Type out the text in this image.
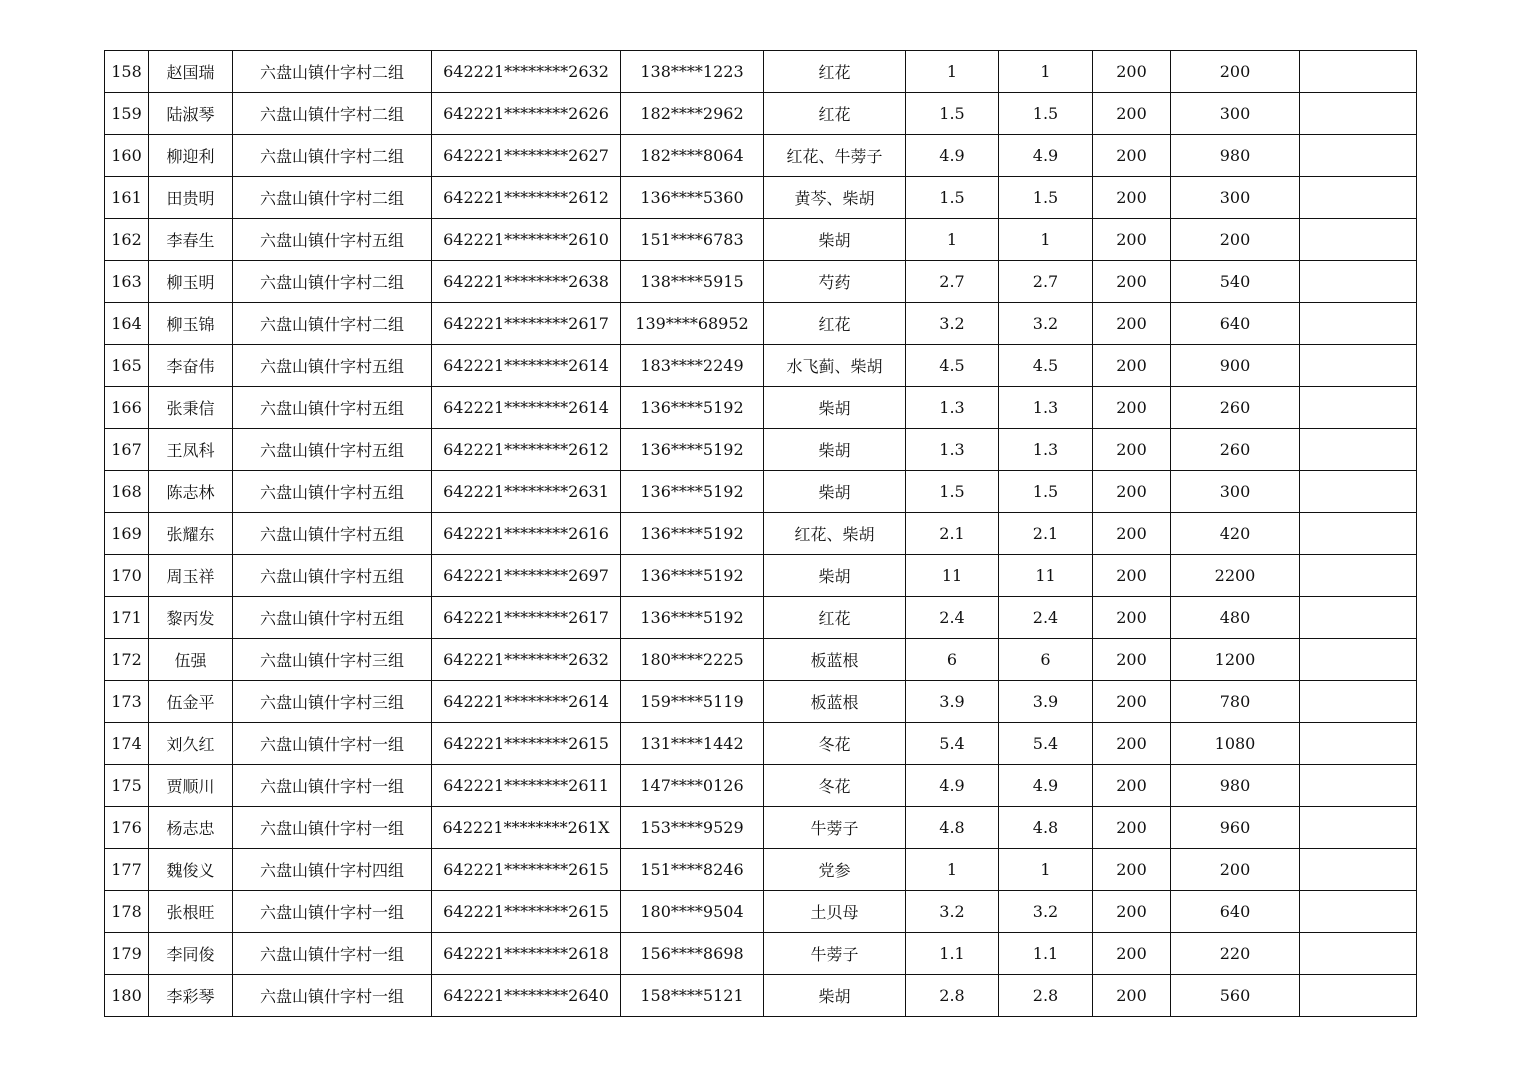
158	赵国瑞	六盘山镇什字村二组	642221********2632	138****1223	红花	1	1	200	200	
159	陆淑琴	六盘山镇什字村二组	642221********2626	182****2962	红花	1.5	1.5	200	300	
160	柳迎利	六盘山镇什字村二组	642221********2627	182****8064	红花、牛蒡子	4.9	4.9	200	980	
161	田贵明	六盘山镇什字村二组	642221********2612	136****5360	黄芩、柴胡	1.5	1.5	200	300	
162	李春生	六盘山镇什字村五组	642221********2610	151****6783	柴胡	1	1	200	200	
163	柳玉明	六盘山镇什字村二组	642221********2638	138****5915	芍药	2.7	2.7	200	540	
164	柳玉锦	六盘山镇什字村二组	642221********2617	139****68952	红花	3.2	3.2	200	640	
165	李奋伟	六盘山镇什字村五组	642221********2614	183****2249	水飞蓟、柴胡	4.5	4.5	200	900	
166	张秉信	六盘山镇什字村五组	642221********2614	136****5192	柴胡	1.3	1.3	200	260	
167	王凤科	六盘山镇什字村五组	642221********2612	136****5192	柴胡	1.3	1.3	200	260	
168	陈志林	六盘山镇什字村五组	642221********2631	136****5192	柴胡	1.5	1.5	200	300	
169	张耀东	六盘山镇什字村五组	642221********2616	136****5192	红花、柴胡	2.1	2.1	200	420	
170	周玉祥	六盘山镇什字村五组	642221********2697	136****5192	柴胡	11	11	200	2200	
171	黎丙发	六盘山镇什字村五组	642221********2617	136****5192	红花	2.4	2.4	200	480	
172	伍强	六盘山镇什字村三组	642221********2632	180****2225	板蓝根	6	6	200	1200	
173	伍金平	六盘山镇什字村三组	642221********2614	159****5119	板蓝根	3.9	3.9	200	780	
174	刘久红	六盘山镇什字村一组	642221********2615	131****1442	冬花	5.4	5.4	200	1080	
175	贾顺川	六盘山镇什字村一组	642221********2611	147****0126	冬花	4.9	4.9	200	980	
176	杨志忠	六盘山镇什字村一组	642221********261X	153****9529	牛蒡子	4.8	4.8	200	960	
177	魏俊义	六盘山镇什字村四组	642221********2615	151****8246	党参	1	1	200	200	
178	张根旺	六盘山镇什字村一组	642221********2615	180****9504	土贝母	3.2	3.2	200	640	
179	李同俊	六盘山镇什字村一组	642221********2618	156****8698	牛蒡子	1.1	1.1	200	220	
180	李彩琴	六盘山镇什字村一组	642221********2640	158****5121	柴胡	2.8	2.8	200	560	
